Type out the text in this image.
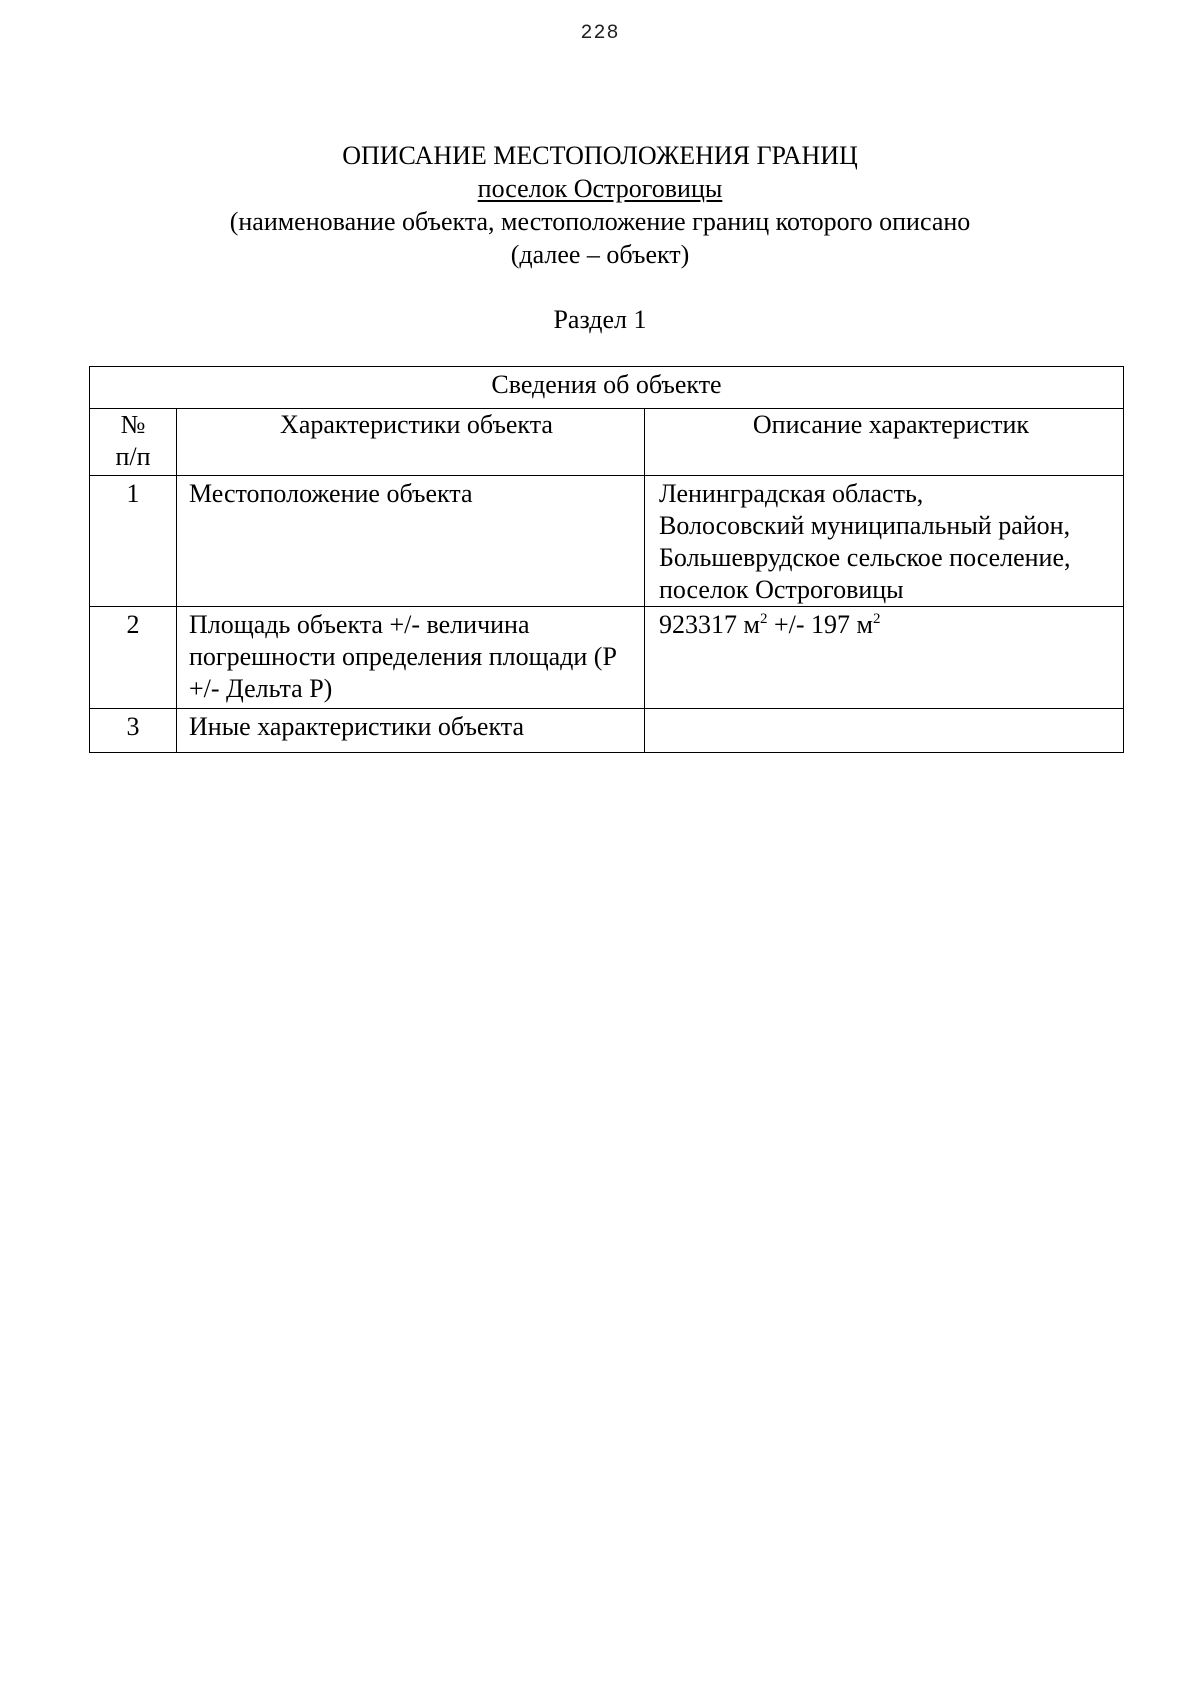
228
ОПИСАНИЕ МЕСТОПОЛОЖЕНИЯ ГРАНИЦ
поселок Остроговицы
(наименование объекта, местоположение границ которого описано
(далее – объект)
Раздел 1
Сведения об объекте		

№
п/п	Характеристики объекта	Описание характеристик
1	Местоположение объекта	Ленинградская область,
Волосовский муниципальный район,
Большеврудское сельское поселение,
поселок Остроговицы

2	Площадь объекта +/- величина погрешности определения площади (Р +/- Дельта Р)	923317 $м^2$ +/- 197 $м^2$
3	Иные характеристики объекта	
